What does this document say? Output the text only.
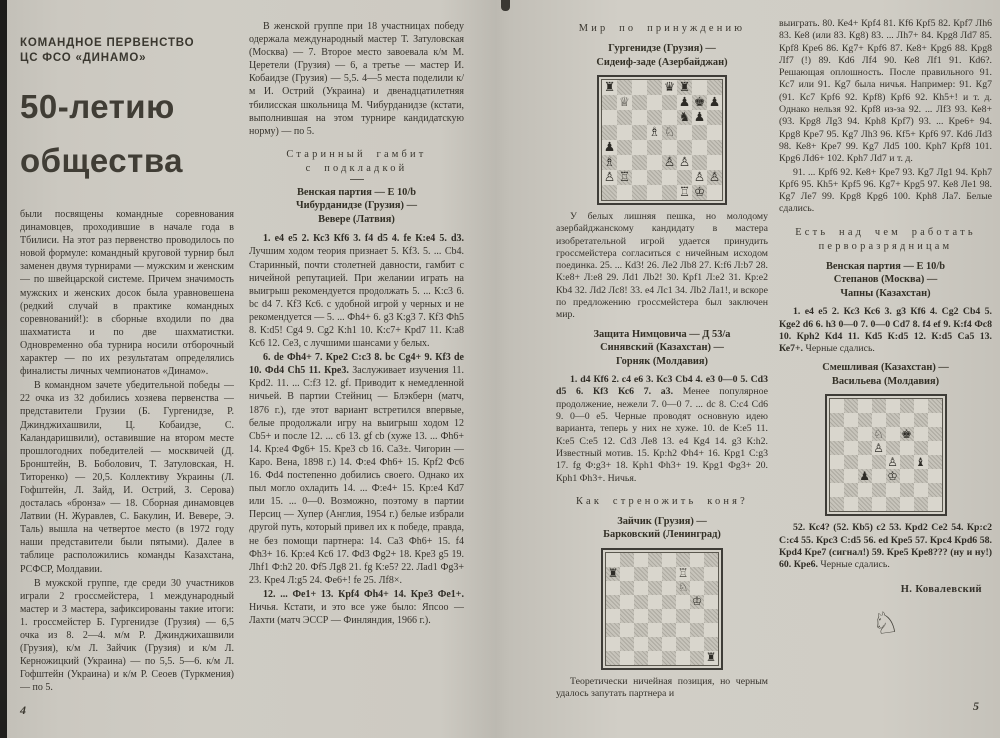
КОМАНДНОЕ ПЕРВЕНСТВО
ЦС ФСО «ДИНАМО»
50-летию
общества

были посвящены командные соревнования динамовцев, проходившие в начале года в Тбилиси. На этот раз первенство проводилось по новой формуле: командный круговой турнир был заменен двумя турнирами — мужским и женским — по швейцарской системе. Причем значимость мужских и женских досок была уравновешена (редкий случай в практике командных соревнований!): в сборные входили по два шахматиста и по две шахматистки. Одновременно оба турнира носили отборочный характер — по их результатам определялись финалисты личных чемпионатов «Динамо».

В командном зачете убедительной победы — 22 очка из 32 добились хозяева первенства — представители Грузии (Б. Гургенидзе, Р. Джинджихашвили, Ц. Кобаидзе, С. Каландаришвили), оставившие на втором месте прошлогодних победителей — москвичей (Д. Бронштейн, В. Боболович, Т. Затуловская, Н. Титоренко) — 20,5. Коллективу Украины (Л. Гофштейн, Л. Зайд, И. Острий, З. Серова) досталась «бронза» — 18. Сборная динамовцев Латвии (Н. Журавлев, С. Бакулин, И. Вевере, Э. Таль) вышла на четвертое место (в 1972 году наши представители были пятыми). Далее в таблице расположились команды Казахстана, РСФСР, Молдавии.

В мужской группе, где среди 30 участников играли 2 гроссмейстера, 1 международный мастер и 3 мастера, зафиксированы такие итоги: 1. гроссмейстер Б. Гургенидзе (Грузия) — 6,5 очка из 8. 2—4. м/м Р. Джинджихашвили (Грузия), к/м Л. Зайчик (Грузия) и к/м Л. Керножицкий (Украина) — по 5,5. 5—6. к/м Л. Гофштейн (Украина) и к/м Р. Сеоев (Туркмения) — по 5.

В женской группе при 18 участницах победу одержала международный мастер Т. Затуловская (Москва) — 7. Второе место завоевала к/м М. Церетели (Грузия) — 6, а третье — мастер И. Кобаидзе (Грузия) — 5,5. 4—5 места поделили к/м И. Острий (Украина) и двенадцатилетняя тбилисская школьница М. Чибурданидзе (кстати, выполнившая на этом турнире кандидатскую норму) — по 5.

Старинный гамбит
с подкладкой
Венская партия — Е 10/b
Чибурданидзе (Грузия) —
Вевере (Латвия)

1. е4 е5 2. Кс3 Кf6 3. f4 d5 4. fe К:е4 5. d3. Лучшим ходом теория признает 5. Кf3. 5. ... Сb4. Старинный, почти столетней давности, гамбит с ничейной репутацией. При желании играть на выигрыш рекомендуется продолжать 5. ... К:с3 6. bc d4 7. Кf3 Кс6. с удобной игрой у черных и не рекомендуется — 5. ... Фh4+ 6. g3 К:g3 7. Кf3 Фh5 8. К:d5! Сg4 9. Сg2 К:h1 10. К:с7+ Крd7 11. К:а8 Кс6 12. Се3, с лучшими шансами у белых.

6. de Фh4+ 7. Кре2 С:с3 8. bc Сg4+ 9. Кf3 de 10. Фd4 Сh5 11. Кре3. Заслуживает изучения 11. Крd2. 11. ... С:f3 12. gf. Приводит к немедленной ничьей. В партии Стейниц — Блэкберн (матч, 1876 г.), где этот вариант встретился впервые, белые продолжали игру на выигрыш ходом 12 Сb5+ и после 12. ... с6 13. gf cb (хуже 13. ... Фh6+ 14. Кр:е4 Фg6+ 15. Кре3 cb 16. Са3±. Чигорин — Каро. Вена, 1898 г.) 14. Ф:е4 Фh6+ 15. Крf2 Фс6 16. Фd4 постепенно добились своего. Однако их пыл могло охладить 14. ... Ф:е4+ 15. Кр:е4 Кd7 или 15. ... 0—0. Возможно, поэтому в партии Персиц — Хупер (Англия, 1954 г.) белые избрали другой путь, который привел их к победе, правда, не без помощи партнера: 14. Са3 Фh6+ 15. f4 Фh3+ 16. Кр:е4 Кс6 17. Фd3 Фg2+ 18. Кре3 g5 19. Лhf1 Ф:h2 20. Фf5 Лg8 21. fg К:е5? 22. Лаd1 Фg3+ 23. Кре4 Л:g5 24. Фе6+! fe 25. Лf8×.

12. ... Фе1+ 13. Крf4 Фh4+ 14. Кре3 Фе1+. Ничья. Кстати, и это все уже было: Япсоо — Лахти (матч ЭССР — Финляндия, 1966 г.).

4
Мир по принуждению
Гургенидзе (Грузия) —
Сидеиф-заде (Азербайджан)
♜	♛ ♜
♕	♟ ♚ ♟
♞ ♟
♗ ♘
♟
♗	♙ ♙
♙ ♖	♙ ♙
♖ ♔

У белых лишняя пешка, но молодому азербайджанскому кандидату в мастера изобретательной игрой удается принудить гроссмейстера согласиться с ничейным исходом поединка. 25. ... Кd3! 26. Ле2 Лb8 27. К:f6 Л:b7 28. К:е8+ Л:е8 29. Лd1 Лb2! 30. Крf1 Л:е2 31. Кр:е2 Кb4 32. Лd2 Лс8! 33. е4 Лс1 34. Лb2 Ла1!, и вскоре по предложению гроссмейстера был заключен мир.

Защита Нимцовича — Д 53/а
Синявский (Казахстан) —
Горняк (Молдавия)

1. d4 Кf6 2. с4 е6 3. Кс3 Сb4 4. е3 0—0 5. Сd3 d5 6. Кf3 Кс6 7. а3. Менее популярное продолжение, нежели 7. 0—0 7. ... dc 8. С:с4 Сd6 9. 0—0 е5. Черные проводят основную идею варианта, теперь у них не хуже. 10. de К:е5 11. К:е5 С:е5 12. Сd3 Ле8 13. е4 Кg4 14. g3 К:h2. Известный мотив. 15. Кр:h2 Фh4+ 16. Крg1 С:g3 17. fg Ф:g3+ 18. Крh1 Фh3+ 19. Крg1 Фg3+ 20. Крh1 Фh3+. Ничья.

Как стреножить коня?
Зайчик (Грузия) —
Барковский (Ленинград)
♜	♖
♘
♔
♜

Теоретически ничейная позиция, но черным удалось запутать партнера и

выиграть. 80. Ке4+ Крf4 81. Кf6 Крf5 82. Крf7 Лh6 83. Ке8 (или 83. Кg8) 83. ... Лh7+ 84. Крg8 Лd7 85. Крf8 Кре6 86. Кg7+ Крf6 87. Ке8+ Крg6 88. Крg8 Лf7 (!) 89. Кd6 Лf4 90. Ке8 Лf1 91. Кd6?. Решающая оплошность. После правильного 91. Кс7 или 91. Кg7 была ничья. Например: 91. Кg7 (91. Кс7 Крf6 92. Крf8) Крf6 92. Кh5+! и т. д. Однако нельзя 92. Крf8 из-за 92. ... Лf3 93. Ке8+ (93. Крg8 Лg3 94. Крh8 Крf7) 93. ... Кре6+ 94. Крg8 Кре7 95. Кg7 Лh3 96. Кf5+ Крf6 97. Кd6 Лd3 98. Ке8+ Кре7 99. Кg7 Лd5 100. Крh7 Крf8 101. Крg6 Лd6+ 102. Крh7 Лd7 и т. д.

91. ... Крf6 92. Ке8+ Кре7 93. Кg7 Лg1 94. Крh7 Крf6 95. Кh5+ Крf5 96. Кg7+ Крg5 97. Ке8 Ле1 98. Кg7 Ле7 99. Крg8 Крg6 100. Крh8 Ла7. Белые сдались.

Есть над чем работать
перворазрядницам
Венская партия — Е 10/b
Степанов (Москва) —
Чапны (Казахстан)

1. е4 е5 2. Кс3 Кс6 3. g3 Кf6 4. Сg2 Сb4 5. Кgе2 d6 6. h3 0—0 7. 0—0 Сd7 8. f4 ef 9. К:f4 Фс8 10. Крh2 Кd4 11. Кd5 К:d5 12. К:d5 Са5 13. Ке7+. Черные сдались.

Смешливая (Казахстан) —
Васильева (Молдавия)
♘ ♚
♙
♙ ♝
♟ ♔

52. Кс4? (52. Кb5) с2 53. Крd2 Се2 54. Кр:с2 С:с4 55. Крс3 С:d5 56. ed Кре5 57. Крс4 Крd6 58. Крd4 Кре7 (сигнал!) 59. Кре5 Кре8??? (ну и ну!) 60. Кре6. Черные сдались.

Н. Ковалевский
♘
5
